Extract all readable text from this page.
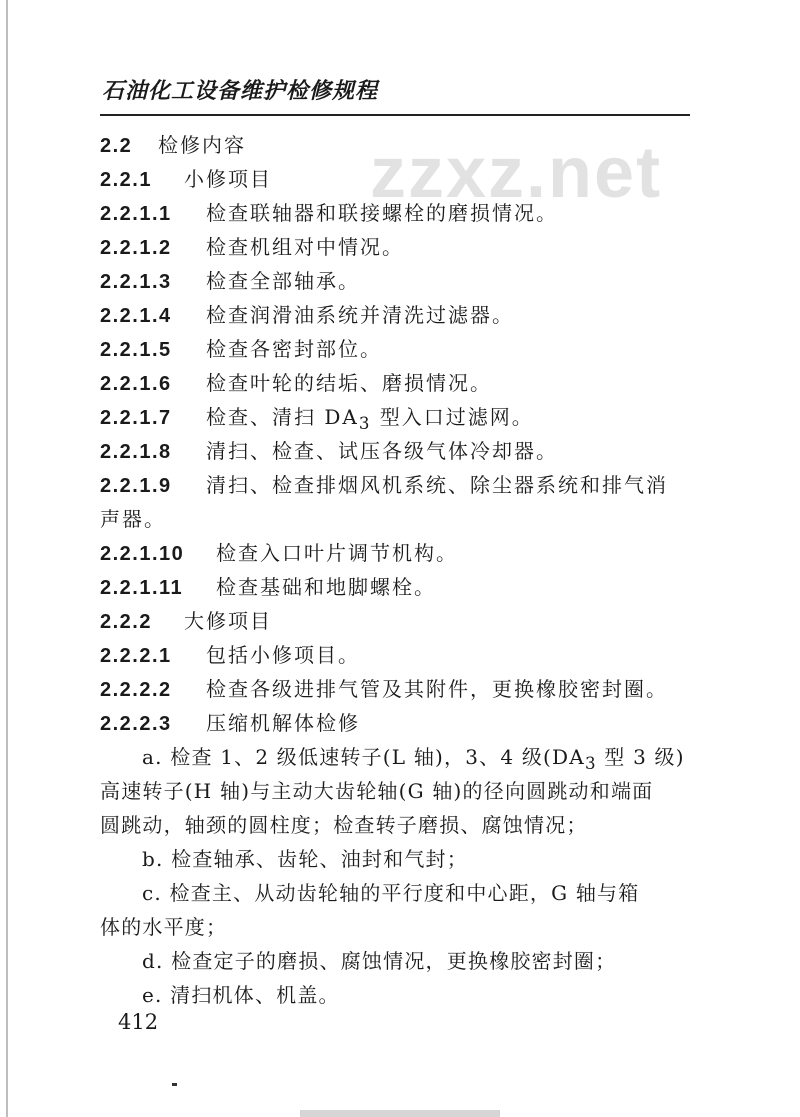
石油化工设备维护检修规程
zzxz.net
2.2 检修内容
2.2.1 小修项目
2.2.1.1 检查联轴器和联接螺栓的磨损情况。
2.2.1.2 检查机组对中情况。
2.2.1.3 检查全部轴承。
2.2.1.4 检查润滑油系统并清洗过滤器。
2.2.1.5 检查各密封部位。
2.2.1.6 检查叶轮的结垢、磨损情况。
2.2.1.7 检查、清扫 $DA_3$ 型入口过滤网。
2.2.1.8 清扫、检查、试压各级气体冷却器。
2.2.1.9 清扫、检查排烟风机系统、除尘器系统和排气消
声器。
2.2.1.10 检查入口叶片调节机构。
2.2.1.11 检查基础和地脚螺栓。
2.2.2 大修项目
2.2.2.1 包括小修项目。
2.2.2.2 检查各级进排气管及其附件，更换橡胶密封圈。
2.2.2.3 压缩机解体检修
a. 检查 1、2 级低速转子(L 轴)，3、4 级($DA_3$ 型 3 级)
高速转子(H 轴)与主动大齿轮轴(G 轴)的径向圆跳动和端面
圆跳动，轴颈的圆柱度；检查转子磨损、腐蚀情况；
b. 检查轴承、齿轮、油封和气封；
c. 检查主、从动齿轮轴的平行度和中心距，G 轴与箱
体的水平度；
d. 检查定子的磨损、腐蚀情况，更换橡胶密封圈；
e. 清扫机体、机盖。
412
